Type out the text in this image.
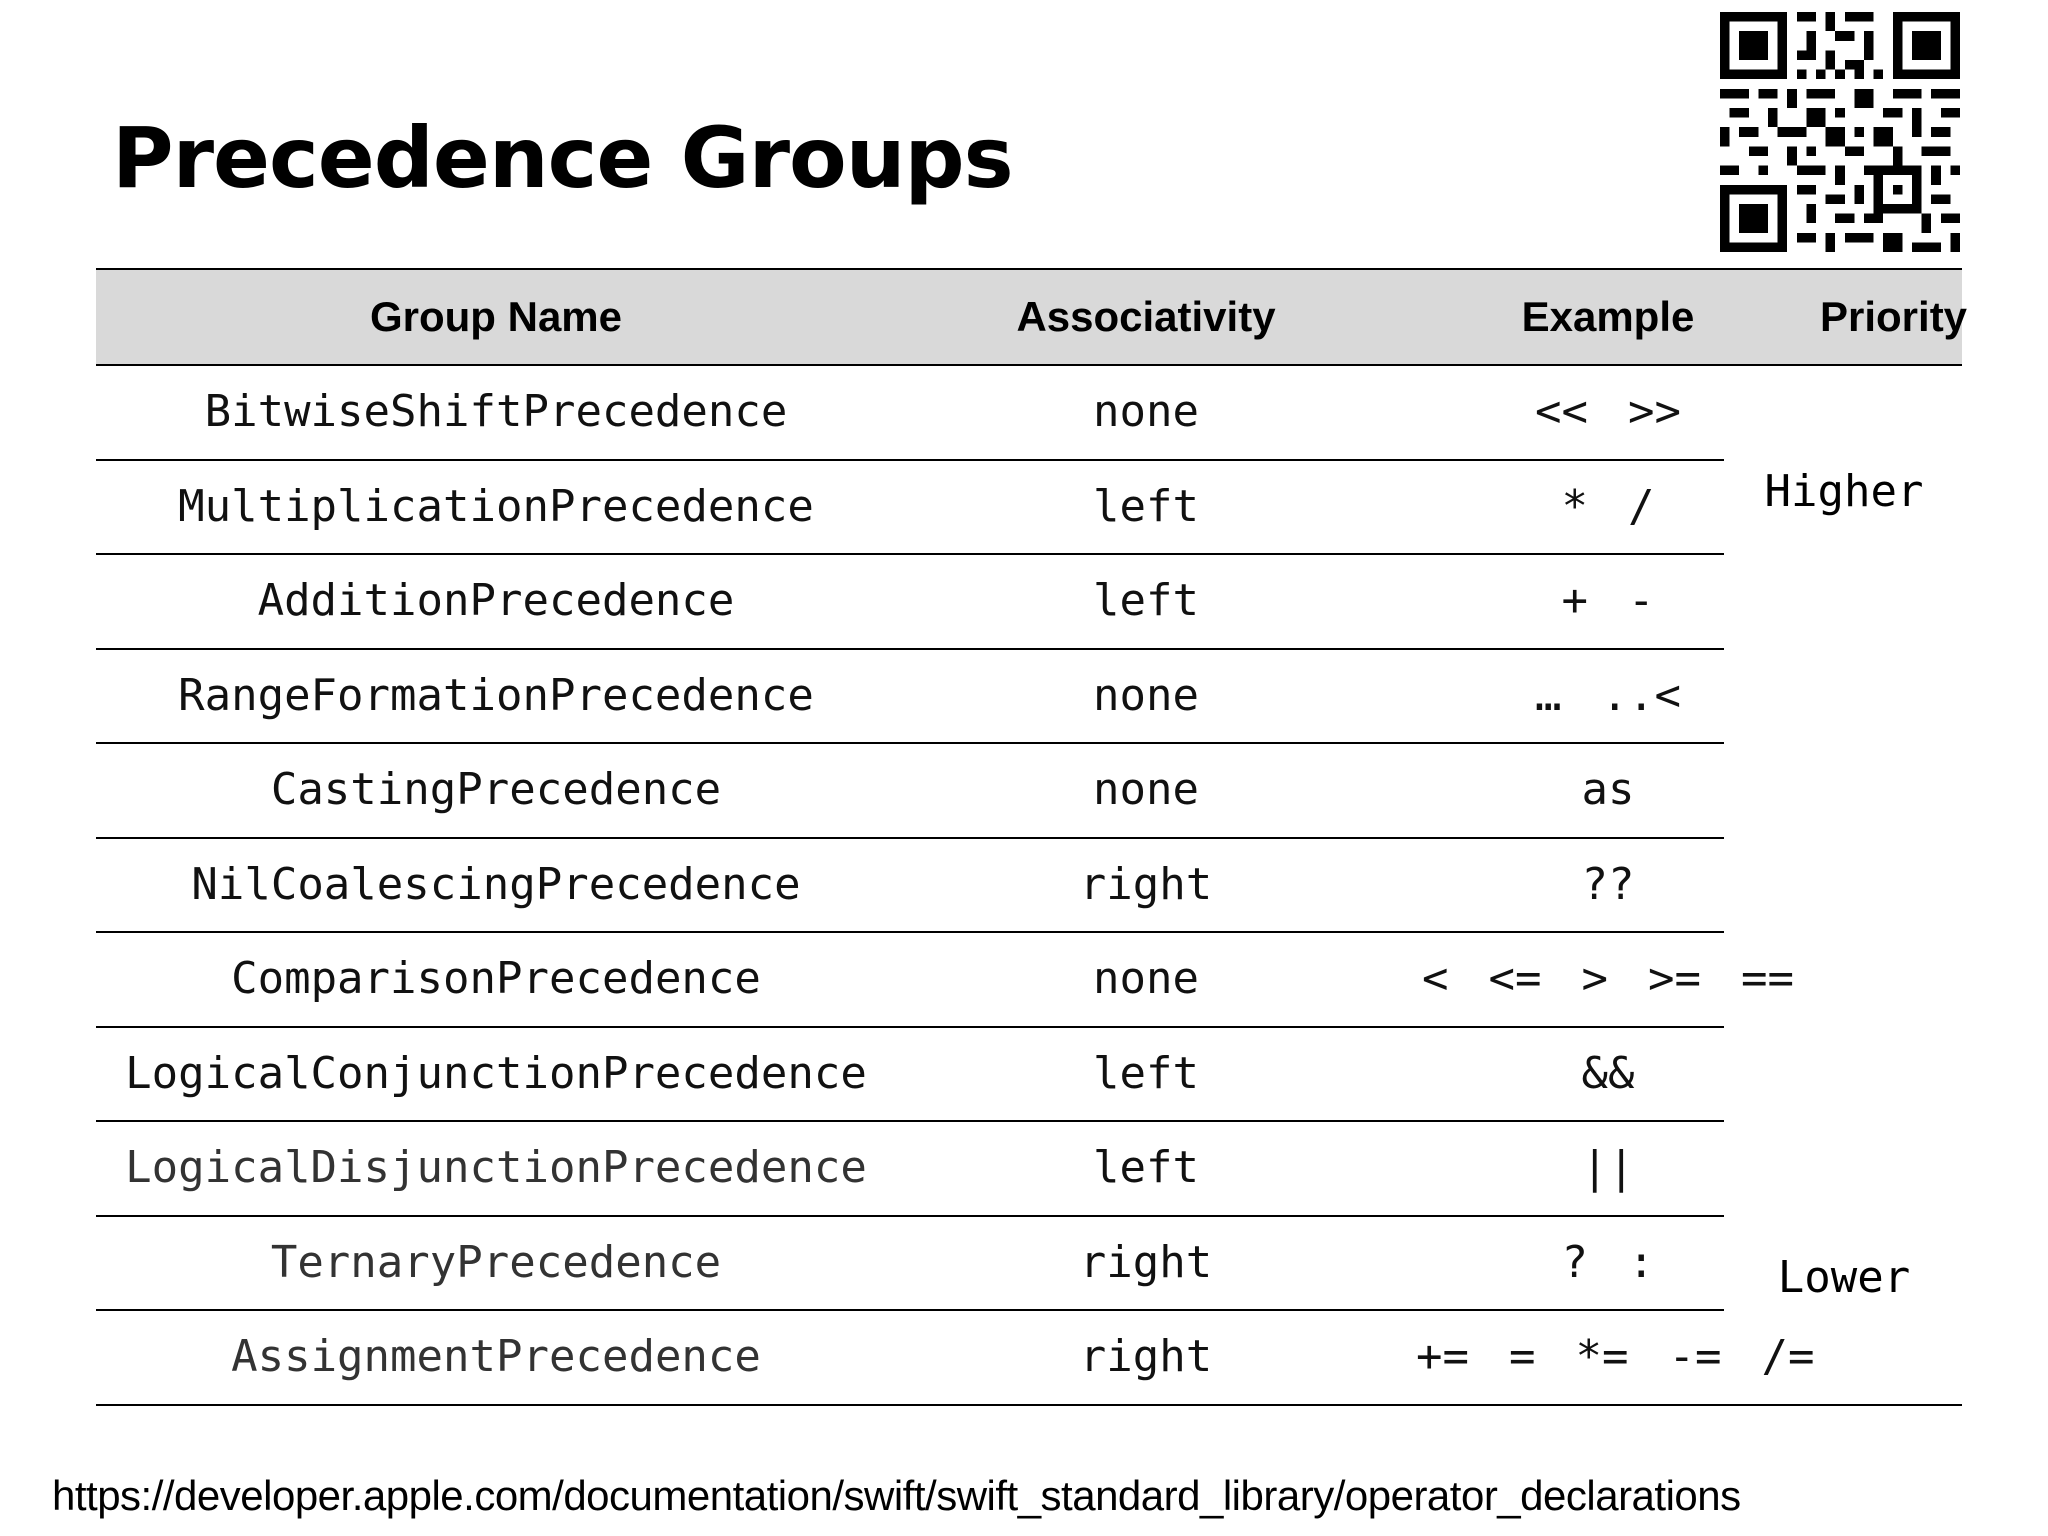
Precedence Groups
Group Name	Associativity	Example	Priority
BitwiseShiftPrecedence	none	<< >>
MultiplicationPrecedence	left	* /
AdditionPrecedence	left	+ -
RangeFormationPrecedence	none	… ..<
CastingPrecedence	none	as
NilCoalescingPrecedence	right	??
ComparisonPrecedence	none	< <= > >= ==
LogicalConjunctionPrecedence	left	&&
LogicalDisjunctionPrecedence	left	||
TernaryPrecedence	right	? :
AssignmentPrecedence	right	+= = *= -= /=
Higher
Lower
https://developer.apple.com/documentation/swift/swift_standard_library/operator_declarations
